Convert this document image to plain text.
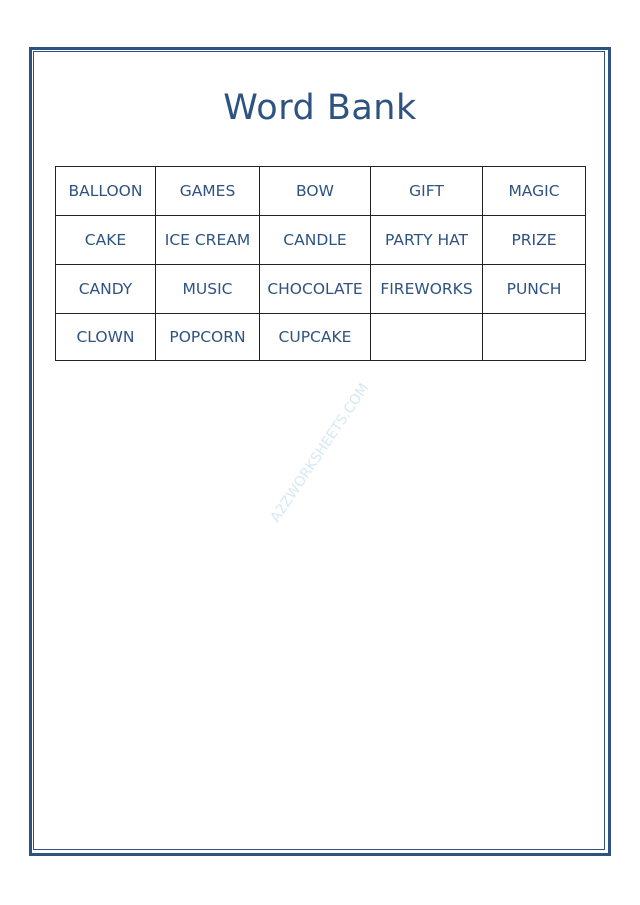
Word Bank
BALLOON	GAMES	BOW	GIFT	MAGIC
CAKE	ICE CREAM	CANDLE	PARTY HAT	PRIZE
CANDY	MUSIC	CHOCOLATE	FIREWORKS	PUNCH
CLOWN	POPCORN	CUPCAKE		
A2ZWORKSHEETS.COM
